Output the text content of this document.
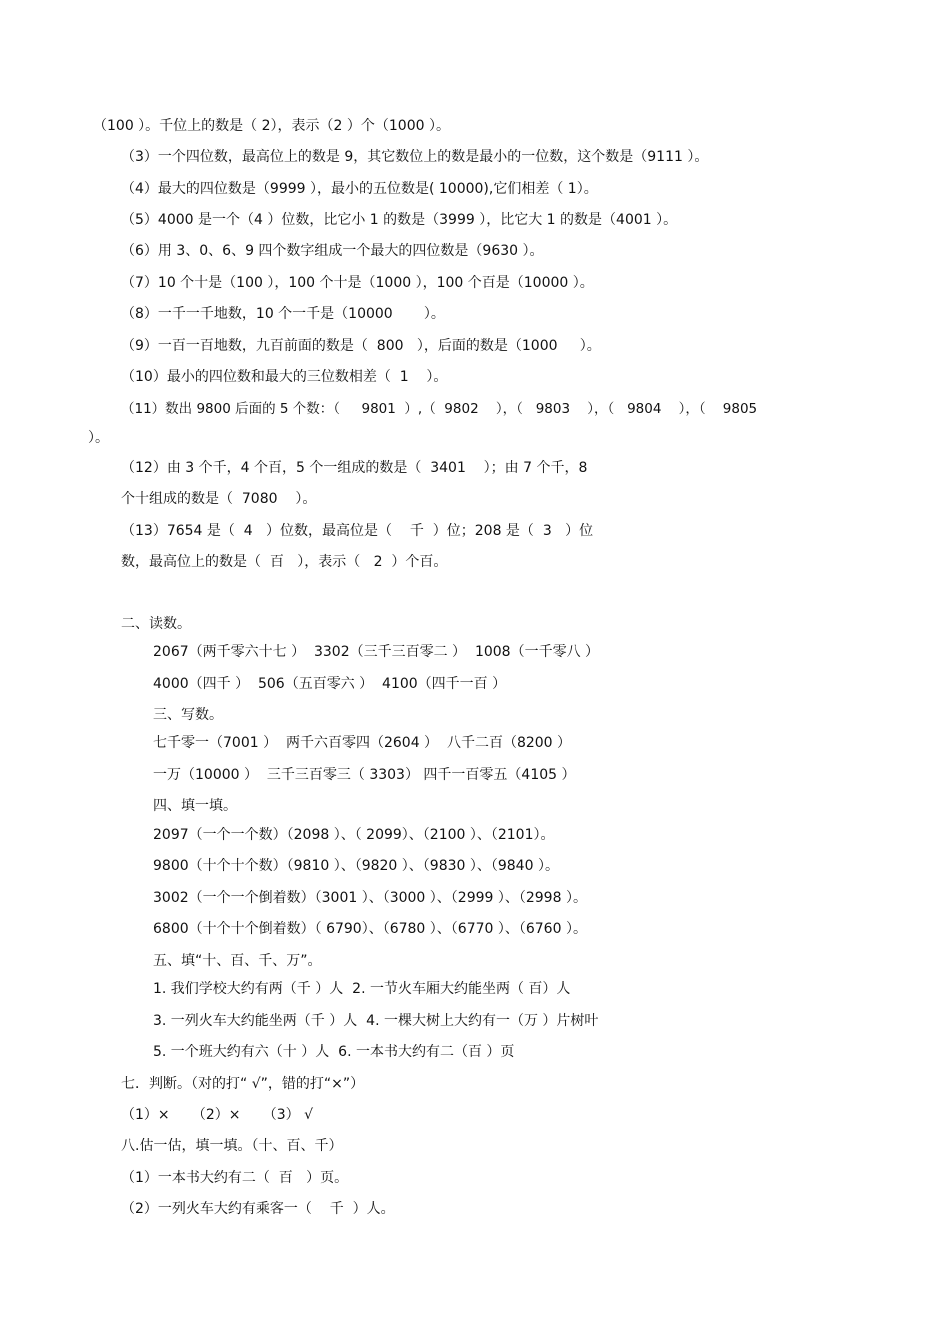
（100 ）。千位上的数是（ 2），表示（2 ）个（1000 ）。
（3）一个四位数，最高位上的数是 9，其它数位上的数是最小的一位数，这个数是（9111 ）。
（4）最大的四位数是（9999 ），最小的五位数是( 10000),它们相差（ 1）。
（5）4000 是一个（4 ）位数，比它小 1 的数是（3999 ），比它大 1 的数是（4001 ）。
（6）用 3、0、6、9 四个数字组成一个最大的四位数是（9630 ）。
（7）10 个十是（100 ），100 个十是（1000 ），100 个百是（10000 ）。
（8）一千一千地数，10 个一千是（10000       ）。
（9）一百一百地数，九百前面的数是（  800   ），后面的数是（1000     ）。
（10）最小的四位数和最大的三位数相差（  1    ）。
（11）数出 9800 后面的 5 个数：（     9801  ）,（  9802    ），（   9803    ），（   9804    ），（    9805
）。
（12）由 3 个千，4 个百，5 个一组成的数是（  3401    ）；由 7 个千，8
个十组成的数是（  7080    ）。
（13）7654 是（  4   ）位数，最高位是（    千  ）位；208 是（  3   ）位
数，最高位上的数是（  百   ），表示（   2  ）个百。
二、读数。
2067（两千零六十七 ）  3302（三千三百零二 ）  1008（一千零八 ）
4000（四千 ）  506（五百零六 ）  4100（四千一百 ）
三、写数。
七千零一（7001 ）  两千六百零四（2604 ）  八千二百（8200 ）
一万（10000 ）  三千三百零三（ 3303） 四千一百零五（4105 ）
四、填一填。
2097（一个一个数）（2098 ）、（ 2099）、（2100 ）、（2101）。
9800（十个十个数）（9810 ）、（9820 ）、（9830 ）、（9840 ）。
3002（一个一个倒着数）（3001 ）、（3000 ）、（2999 ）、（2998 ）。
6800（十个十个倒着数）（ 6790）、（6780 ）、（6770 ）、（6760 ）。
五、填“十、百、千、万”。
1. 我们学校大约有两（千 ）人  2. 一节火车厢大约能坐两（ 百）人
3. 一列火车大约能坐两（千 ）人  4. 一棵大树上大约有一（万 ）片树叶
5. 一个班大约有六（十 ）人  6. 一本书大约有二（百 ）页
七．判断。（对的打“ √”，错的打“×”）
（1）×     （2）×     （3） √
八.估一估，填一填。（十、百、千）
（1）一本书大约有二（  百   ）页。
（2）一列火车大约有乘客一（    千  ）人。
